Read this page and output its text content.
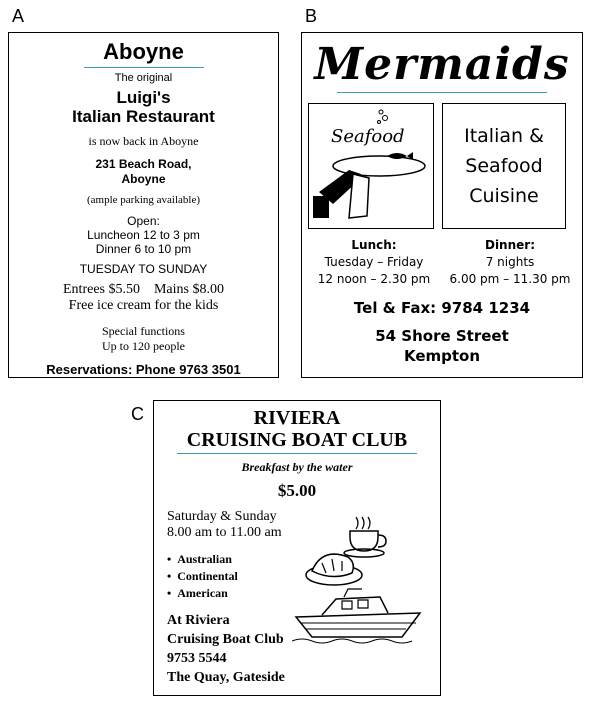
A	B
C
Aboyne
The original
Luigi's
Italian Restaurant
is now back in Aboyne
231 Beach Road,
Aboyne
(ample parking available)
Open:
Luncheon 12 to 3 pm
Dinner 6 to 10 pm
TUESDAY TO SUNDAY
Entrees $5.50    Mains $8.00
Free ice cream for the kids
Special functions
Up to 120 people
Reservations: Phone 9763 3501
Mermaids
Seafood	Italian &
Seafood
Cuisine
Lunch:
Tuesday – Friday
12 noon – 2.30 pm
Dinner:
7 nights
6.00 pm – 11.30 pm
Tel & Fax: 9784 1234
54 Shore Street
Kempton
RIVIERA
CRUISING BOAT CLUB
Breakfast by the water
$5.00
Saturday & Sunday
8.00 am to 11.00 am
•  Australian
•  Continental
•  American
At Riviera
Cruising Boat Club
9753 5544
The Quay, Gateside
